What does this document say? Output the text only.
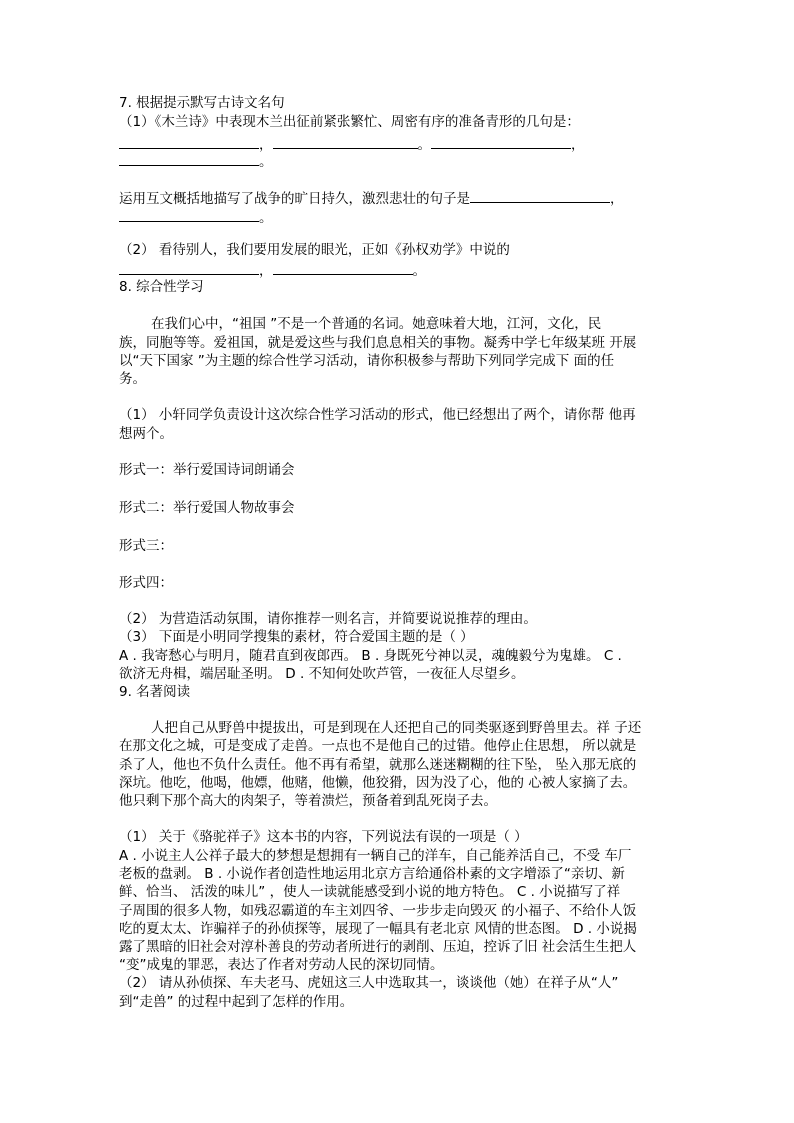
7. 根据提示默写古诗文名句
（1）《木兰诗》中表现木兰出征前紧张繁忙、周密有序的准备青形的几句是：
，	。	，
。
运用互文概括地描写了战争的旷日持久，激烈悲壮的句子是	，
。
（2） 看待别人，我们要用发展的眼光，正如《孙权劝学》中说的
，	。
8. 综合性学习
在我们心中，“祖国 ”不是一个普通的名词。她意味着大地，江河，文化，民
族，同胞等等。爱祖国，就是爱这些与我们息息相关的事物。凝秀中学七年级某班 开展
以“天下国家 ”为主题的综合性学习活动，请你积极参与帮助下列同学完成下 面的任
务。
（1） 小轩同学负责设计这次综合性学习活动的形式，他已经想出了两个，请你帮 他再
想两个。
形式一：举行爱国诗词朗诵会
形式二：举行爱国人物故事会
形式三：
形式四：
（2） 为营造活动氛围，请你推荐一则名言，并简要说说推荐的理由。
（3） 下面是小明同学搜集的素材，符合爱国主题的是（ ）
A . 我寄愁心与明月，随君直到夜郎西。 B . 身既死兮神以灵，魂魄毅兮为鬼雄。 C .
欲济无舟楫，端居耻圣明。 D . 不知何处吹芦管，一夜征人尽望乡。
9. 名著阅读
人把自己从野兽中提拔出，可是到现在人还把自己的同类驱逐到野兽里去。祥 子还
在那文化之城，可是变成了走兽。一点也不是他自己的过错。他停止住思想， 所以就是
杀了人，他也不负什么责任。他不再有希望，就那么迷迷糊糊的往下坠， 坠入那无底的
深坑。他吃，他喝，他嫖，他赌，他懒，他狡猾，因为没了心，他的 心被人家摘了去。
他只剩下那个高大的肉架子，等着溃烂，预备着到乱死岗子去。
（1） 关于《骆驼祥子》这本书的内容，下列说法有误的一项是（ ）
A . 小说主人公祥子最大的梦想是想拥有一辆自己的洋车，自己能养活自己，不受 车厂
老板的盘剥。 B . 小说作者创造性地运用北京方言给通俗朴素的文字增添了“亲切、新
鲜、恰当、 活泼的味儿” ，使人一读就能感受到小说的地方特色。 C . 小说描写了祥
子周围的很多人物，如残忍霸道的车主刘四爷、一步步走向毁灭 的小福子、不给仆人饭
吃的夏太太、诈骗祥子的孙侦探等，展现了一幅具有老北京 风情的世态图。 D . 小说揭
露了黑暗的旧社会对淳朴善良的劳动者所进行的剥削、压迫，控诉了旧 社会活生生把人
“变”成鬼的罪恶，表达了作者对劳动人民的深切同情。
（2） 请从孙侦探、车夫老马、虎妞这三人中选取其一，谈谈他（她）在祥子从“人”
到“走兽” 的过程中起到了怎样的作用。
